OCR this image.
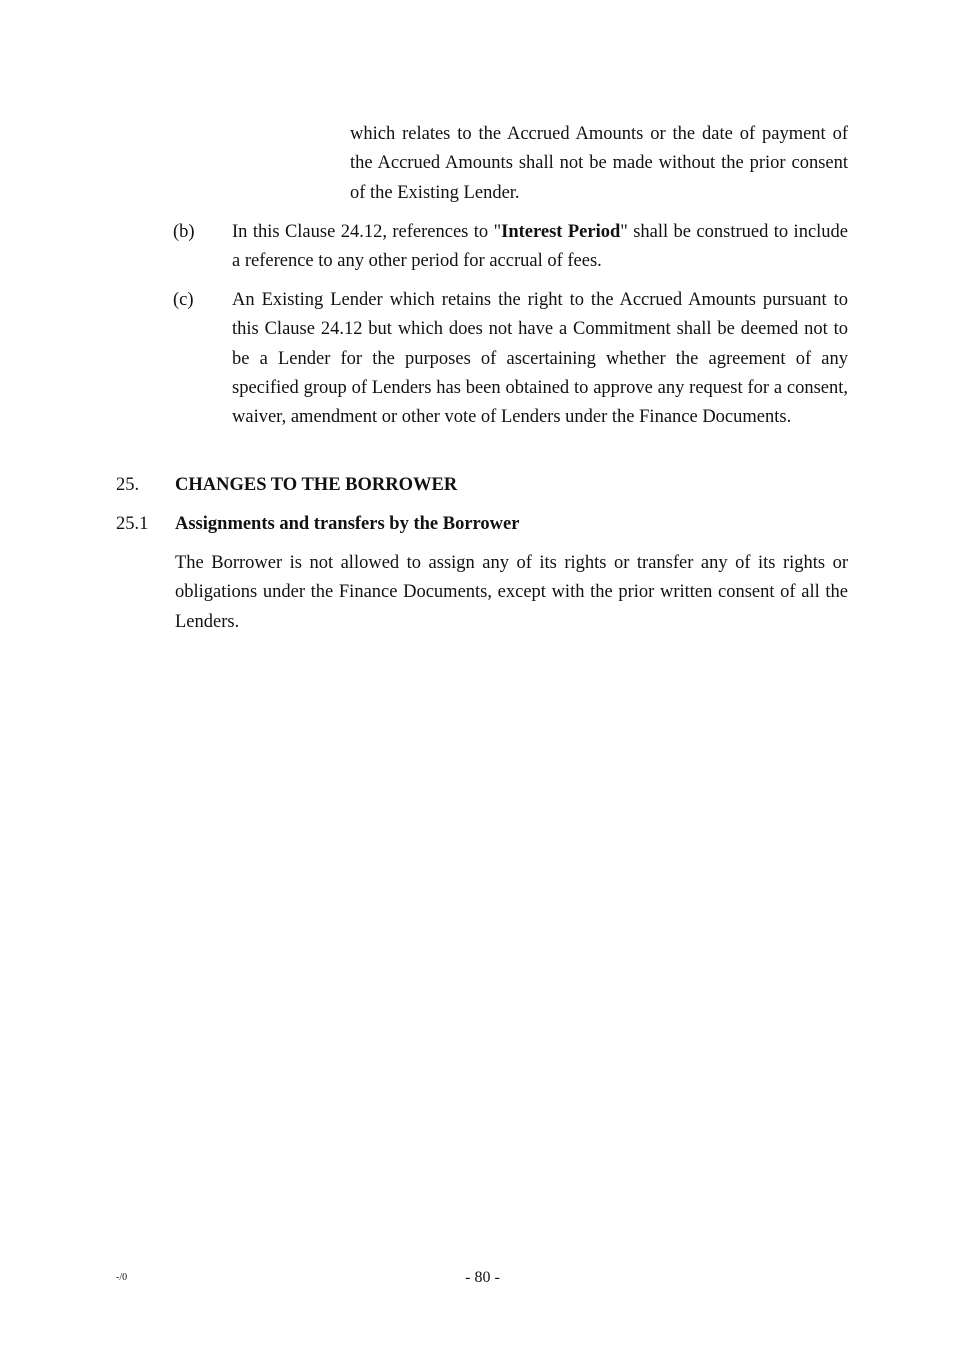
which relates to the Accrued Amounts or the date of payment of the Accrued Amounts shall not be made without the prior consent of the Existing Lender.
(b) In this Clause 24.12, references to "Interest Period" shall be construed to include a reference to any other period for accrual of fees.
(c) An Existing Lender which retains the right to the Accrued Amounts pursuant to this Clause 24.12 but which does not have a Commitment shall be deemed not to be a Lender for the purposes of ascertaining whether the agreement of any specified group of Lenders has been obtained to approve any request for a consent, waiver, amendment or other vote of Lenders under the Finance Documents.
25. CHANGES TO THE BORROWER
25.1 Assignments and transfers by the Borrower
The Borrower is not allowed to assign any of its rights or transfer any of its rights or obligations under the Finance Documents, except with the prior written consent of all the Lenders.
-/0	- 80 -
